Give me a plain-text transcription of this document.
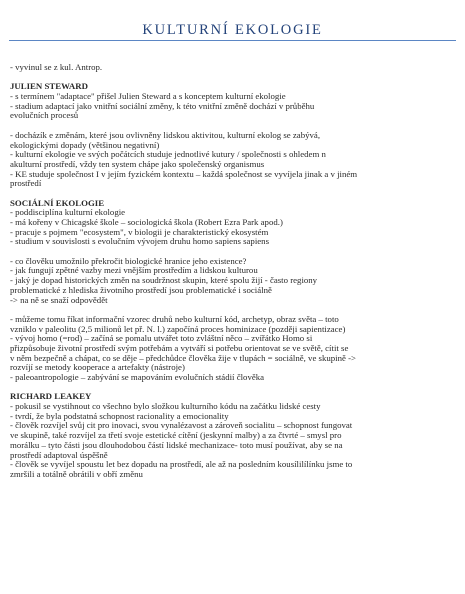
KULTURNÍ EKOLOGIE
- vyvinul se z kul. Antrop.
JULIEN STEWARD
- s termínem "adaptace" přišel Julien Steward a s konceptem kulturní ekologie
- stadium adaptací jako vnitřní sociální změny, k této vnitřní změně dochází v průběhu
evolučních procesů
- docházík e změnám, které jsou ovlivněny lidskou aktivitou, kulturní ekolog se zabývá,
ekologickými dopady (většinou negativní)
- kulturní ekologie ve svých počátcích studuje jednotlivé kutury / společnosti s ohledem n
akulturní prostředí, vždy ten system chápe jako společenský organismus
- KE studuje společnost I v jejím fyzickém kontextu – každá společnost se vyvíjela jinak a v jiném
prostředí
SOCIÁLNÍ EKOLOGIE
- poddisciplína kulturní ekologie
- má kořeny v Chicagské škole – sociologická škola (Robert Ezra Park apod.)
- pracuje s pojmem "ecosystem", v biologii je charakteristický ekosystém
- studium v souvislosti s evolučním vývojem druhu homo sapiens sapiens
- co člověku umožnilo překročit biologické hranice jeho existence?
- jak fungují zpětné vazby mezi vnějším prostředím a lidskou kulturou
- jaký je dopad historických změn na soudržnost skupin, které spolu žijí - často regiony
problematické z hlediska životního prostředí jsou problematické i sociálně
-> na ně se snaží odpovědět
- můžeme tomu říkat informační vzorec druhů nebo kulturní kód, archetyp, obraz světa – toto
vzniklo v paleolitu (2,5 milionů let př. N. l.) započíná proces hominizace (později sapientizace)
- vývoj homo (=rod) – začíná se pomalu utvářet toto zvláštní něco – zvířátko Homo si
přizpůsobuje životní prostředí svým potřebám a vytváří si potřebu orientovat se ve světě, cítit se
v něm bezpečně a chápat, co se děje – předchůdce člověka žije v tlupách = sociálně, ve skupině ->
rozvíjí se metody kooperace a artefakty (nástroje)
- paleoantropologie – zabývání se mapováním evolučních stádií člověka
RICHARD LEAKEY
- pokusil se vystihnout co všechno bylo složkou kulturního kódu na začátku lidské cesty
- tvrdí, že byla podstatná schopnost racionality a emocionality
- člověk rozvíjel svůj cit pro inovaci, svou vynalézavost a zároveň socialitu – schopnost fungovat
ve skupině, také rozvíjel za třetí svoje estetické cítění (jeskynní malby) a za čtvrté – smysl pro
morálku – tyto části jsou dlouhodobou částí lidské mechanizace- toto musí používat, aby se na
prostředí adaptoval úspěšně
- člověk se vyvíjel spoustu let bez dopadu na prostředí, ale až na posledním kousílilílínku jsme to
zmršili a totálně obrátili v obří změnu
